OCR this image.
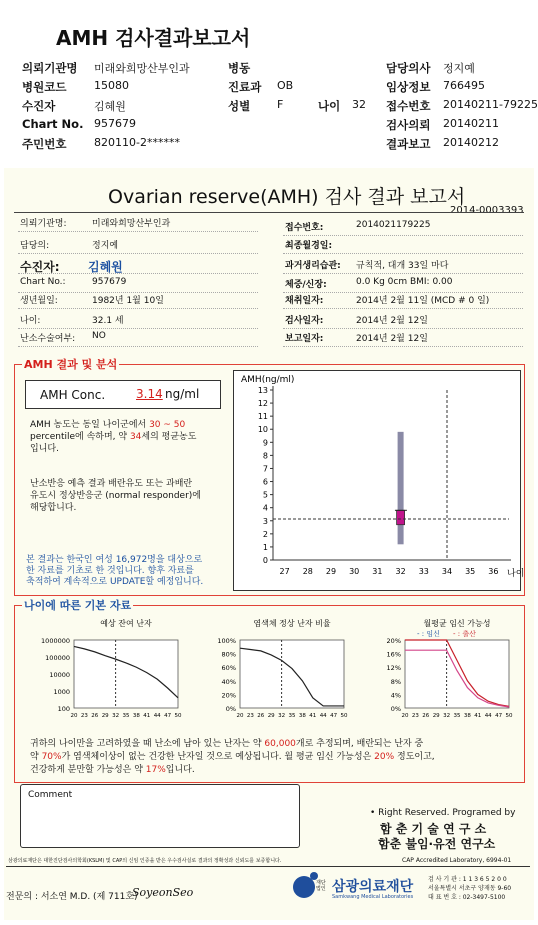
AMH 검사결과보고서
의뢰기관명 미래와희망산부인과	병동	담당의사 정지예
병원코드	15080	진료과 OB	임상정보 766495
수진자	김혜원	성별 F	나이 32 접수번호 20140211-79225
Chart No. 957679	검사의뢰 20140211
주민번호	820110-2******	결과보고 20140212
Ovarian reserve(AMH) 검사 결과 보고서
2014-0003393
의뢰기관명:	미래와희망산부인과
담당의:	정지예
수진자: 김혜원
Chart No.:	957679
생년월일:	1982년 1월 10일
나이:	32.1 세
난소수술여부: NO
접수번호:	2014021179225
최종월경일:
과거생리습관: 규칙적, 대개 33일 마다
체중/신장:	0.0 Kg 0cm BMI: 0.00
채취일자:	2014년 2월 11일 (MCD # 0 일)
검사일자:	2014년 2월 12일
보고일자:	2014년 2월 12일
AMH 결과 및 분석
AMH Conc.	3.14 ng/ml
AMH 농도는 동일 나이군에서 30 ~ 50
percentile에 속하며, 약 34세의 평균농도
입니다.
난소반응 예측 결과 배란유도 또는 과배란
유도시 정상반응군 (normal responder)에
해당합니다.
본 결과는 한국인 여성 16,972명을 대상으로
한 자료를 기초로 한 것입니다. 향후 자료를
축적하여 계속적으로 UPDATE할 예정입니다.
AMH(ng/ml)
0
1
2
3
4
5
6
7
8
9
10
11
12
13
27 28 29 30 31 32 33 34 35 36 나이
나이에 따른 기본 자료
예상 잔여 난자
1000000
100000
10000
1000
100
20 23 26 29 32 35 38 41 44 47 50
염색체 정상 난자 비율
0%
20%
40%
60%
80%
100%
20 23 26 29 32 35 38 41 44 47 50
월평균 임신 가능성
0%
4%
8%
12%
16%
20%
20 23 26 29 32 35 38 41 44 47 50
- : 임신 - : 출산
귀하의 나이만을 고려하였을 때 난소에 남아 있는 난자는 약 60,000개로 추정되며, 배란되는 난자 중
약 70%가 염색체이상이 없는 건강한 난자일 것으로 예상됩니다. 월 평균 임신 가능성은 20% 정도이고,
건강하게 분만할 가능성은 약 17%입니다.
Comment
• Right Reserved. Programed by
함 춘 기 술 연 구 소
함춘 불임·유전 연구소
삼광의료재단은 대한진단검사의학회(KSLM) 및 CAP의 신임 인증을 받은 우수검사실로 결과의 정확성과 신뢰도를 보증합니다.	CAP Accredited Laboratory, 6994-01
전문의 : 서소연 M.D. (제 711호)
SoyeonSeo
재단법인 삼광의료재단
Samkwang Medical Laboratories
검 사 기 관 : 1 1 3 6 5 2 0 0
서울특별시 서초구 양재동 9-60
대 표 번 호 : 02-3497-5100
